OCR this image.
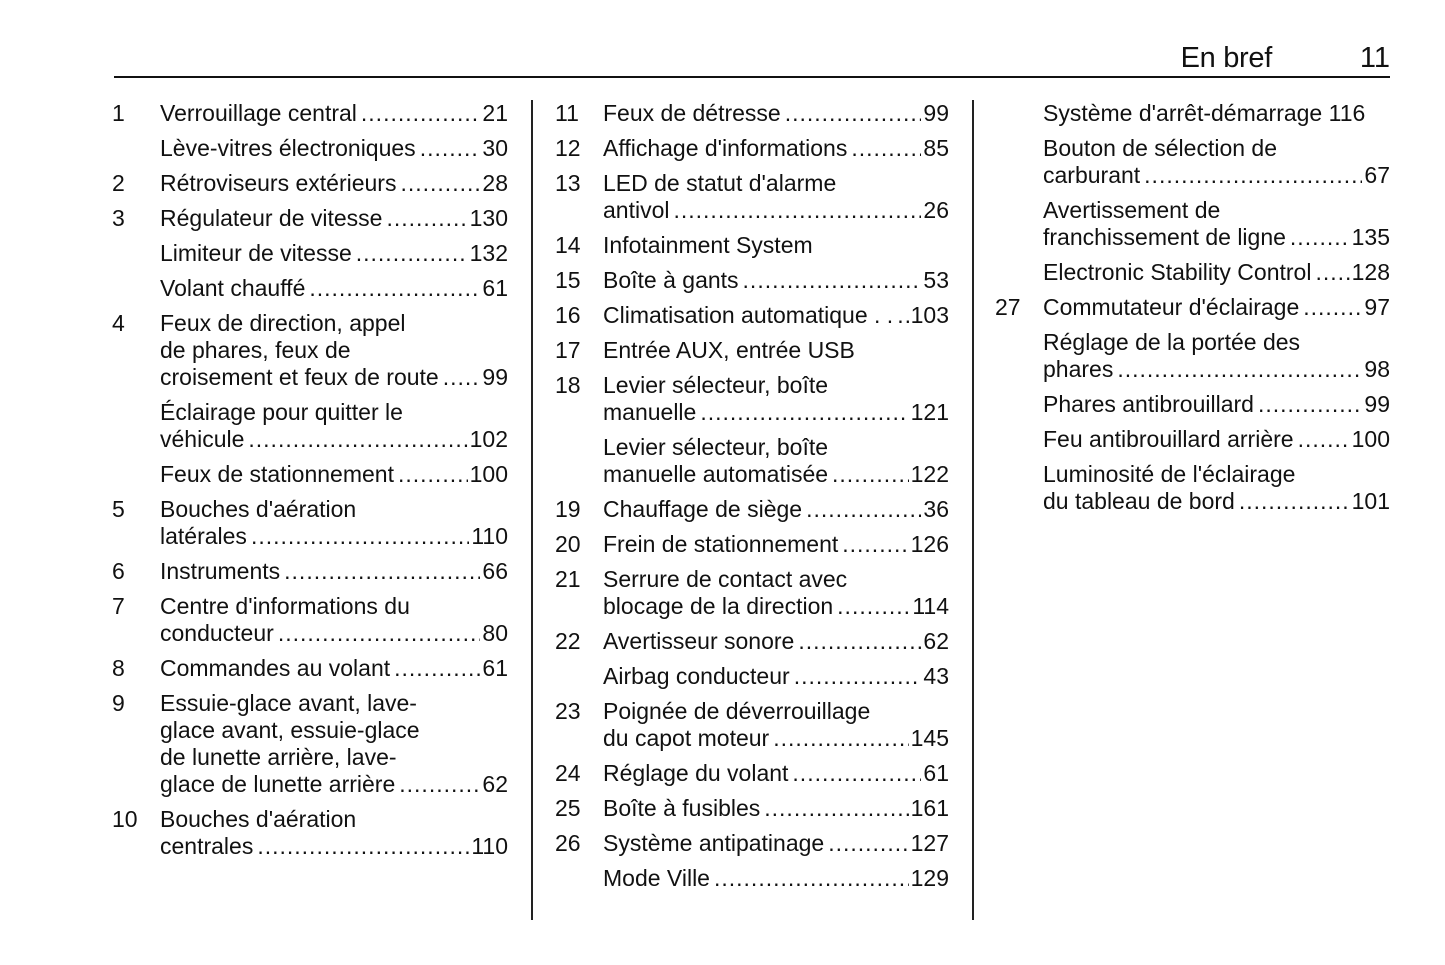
En bref	11
1	Verrouillage central .....	21
Lève-vitres électroniques .....	30
2	Rétroviseurs extérieurs .....	28
3	Régulateur de vitesse .....	130
Limiteur de vitesse .....	132
Volant chauffé .....	61
4	Feux de direction, appel
de phares, feux de
croisement et feux de route ..... 99
Éclairage pour quitter le
véhicule .....	102
Feux de stationnement .....	100
5	Bouches d'aération
latérales .....	110
6	Instruments .....	66
7	Centre d'informations du
conducteur .....	80
8	Commandes au volant .....	61
9	Essuie-glace avant, lave-
glace avant, essuie-glace
de lunette arrière, lave-
glace de lunette arrière .....	62
10 Bouches d'aération
centrales .....	110
11	Feux de détresse .....	99
12 Affichage d'informations .....	85
13 LED de statut d'alarme
antivol .....	26
14 Infotainment System
15 Boîte à gants .....	53
16 Climatisation automatique . . ..... 103
17 Entrée AUX, entrée USB
18 Levier sélecteur, boîte
manuelle .....	121
Levier sélecteur, boîte
manuelle automatisée .....	122
19 Chauffage de siège .....	36
20 Frein de stationnement .....	126
21 Serrure de contact avec
blocage de la direction .....	114
22 Avertisseur sonore .....	62
Airbag conducteur .....	43
23 Poignée de déverrouillage
du capot moteur .....	145
24 Réglage du volant .....	61
25 Boîte à fusibles .....	161
26 Système antipatinage .....	127
Mode Ville .....	129
Système d'arrêt-démarrage 116
Bouton de sélection de
carburant .....	67
Avertissement de
franchissement de ligne .....	135
Electronic Stability Control ..... 128
27 Commutateur d'éclairage .....	97
Réglage de la portée des
phares .....	98
Phares antibrouillard .....	99
Feu antibrouillard arrière .....	100
Luminosité de l'éclairage
du tableau de bord .....	101
